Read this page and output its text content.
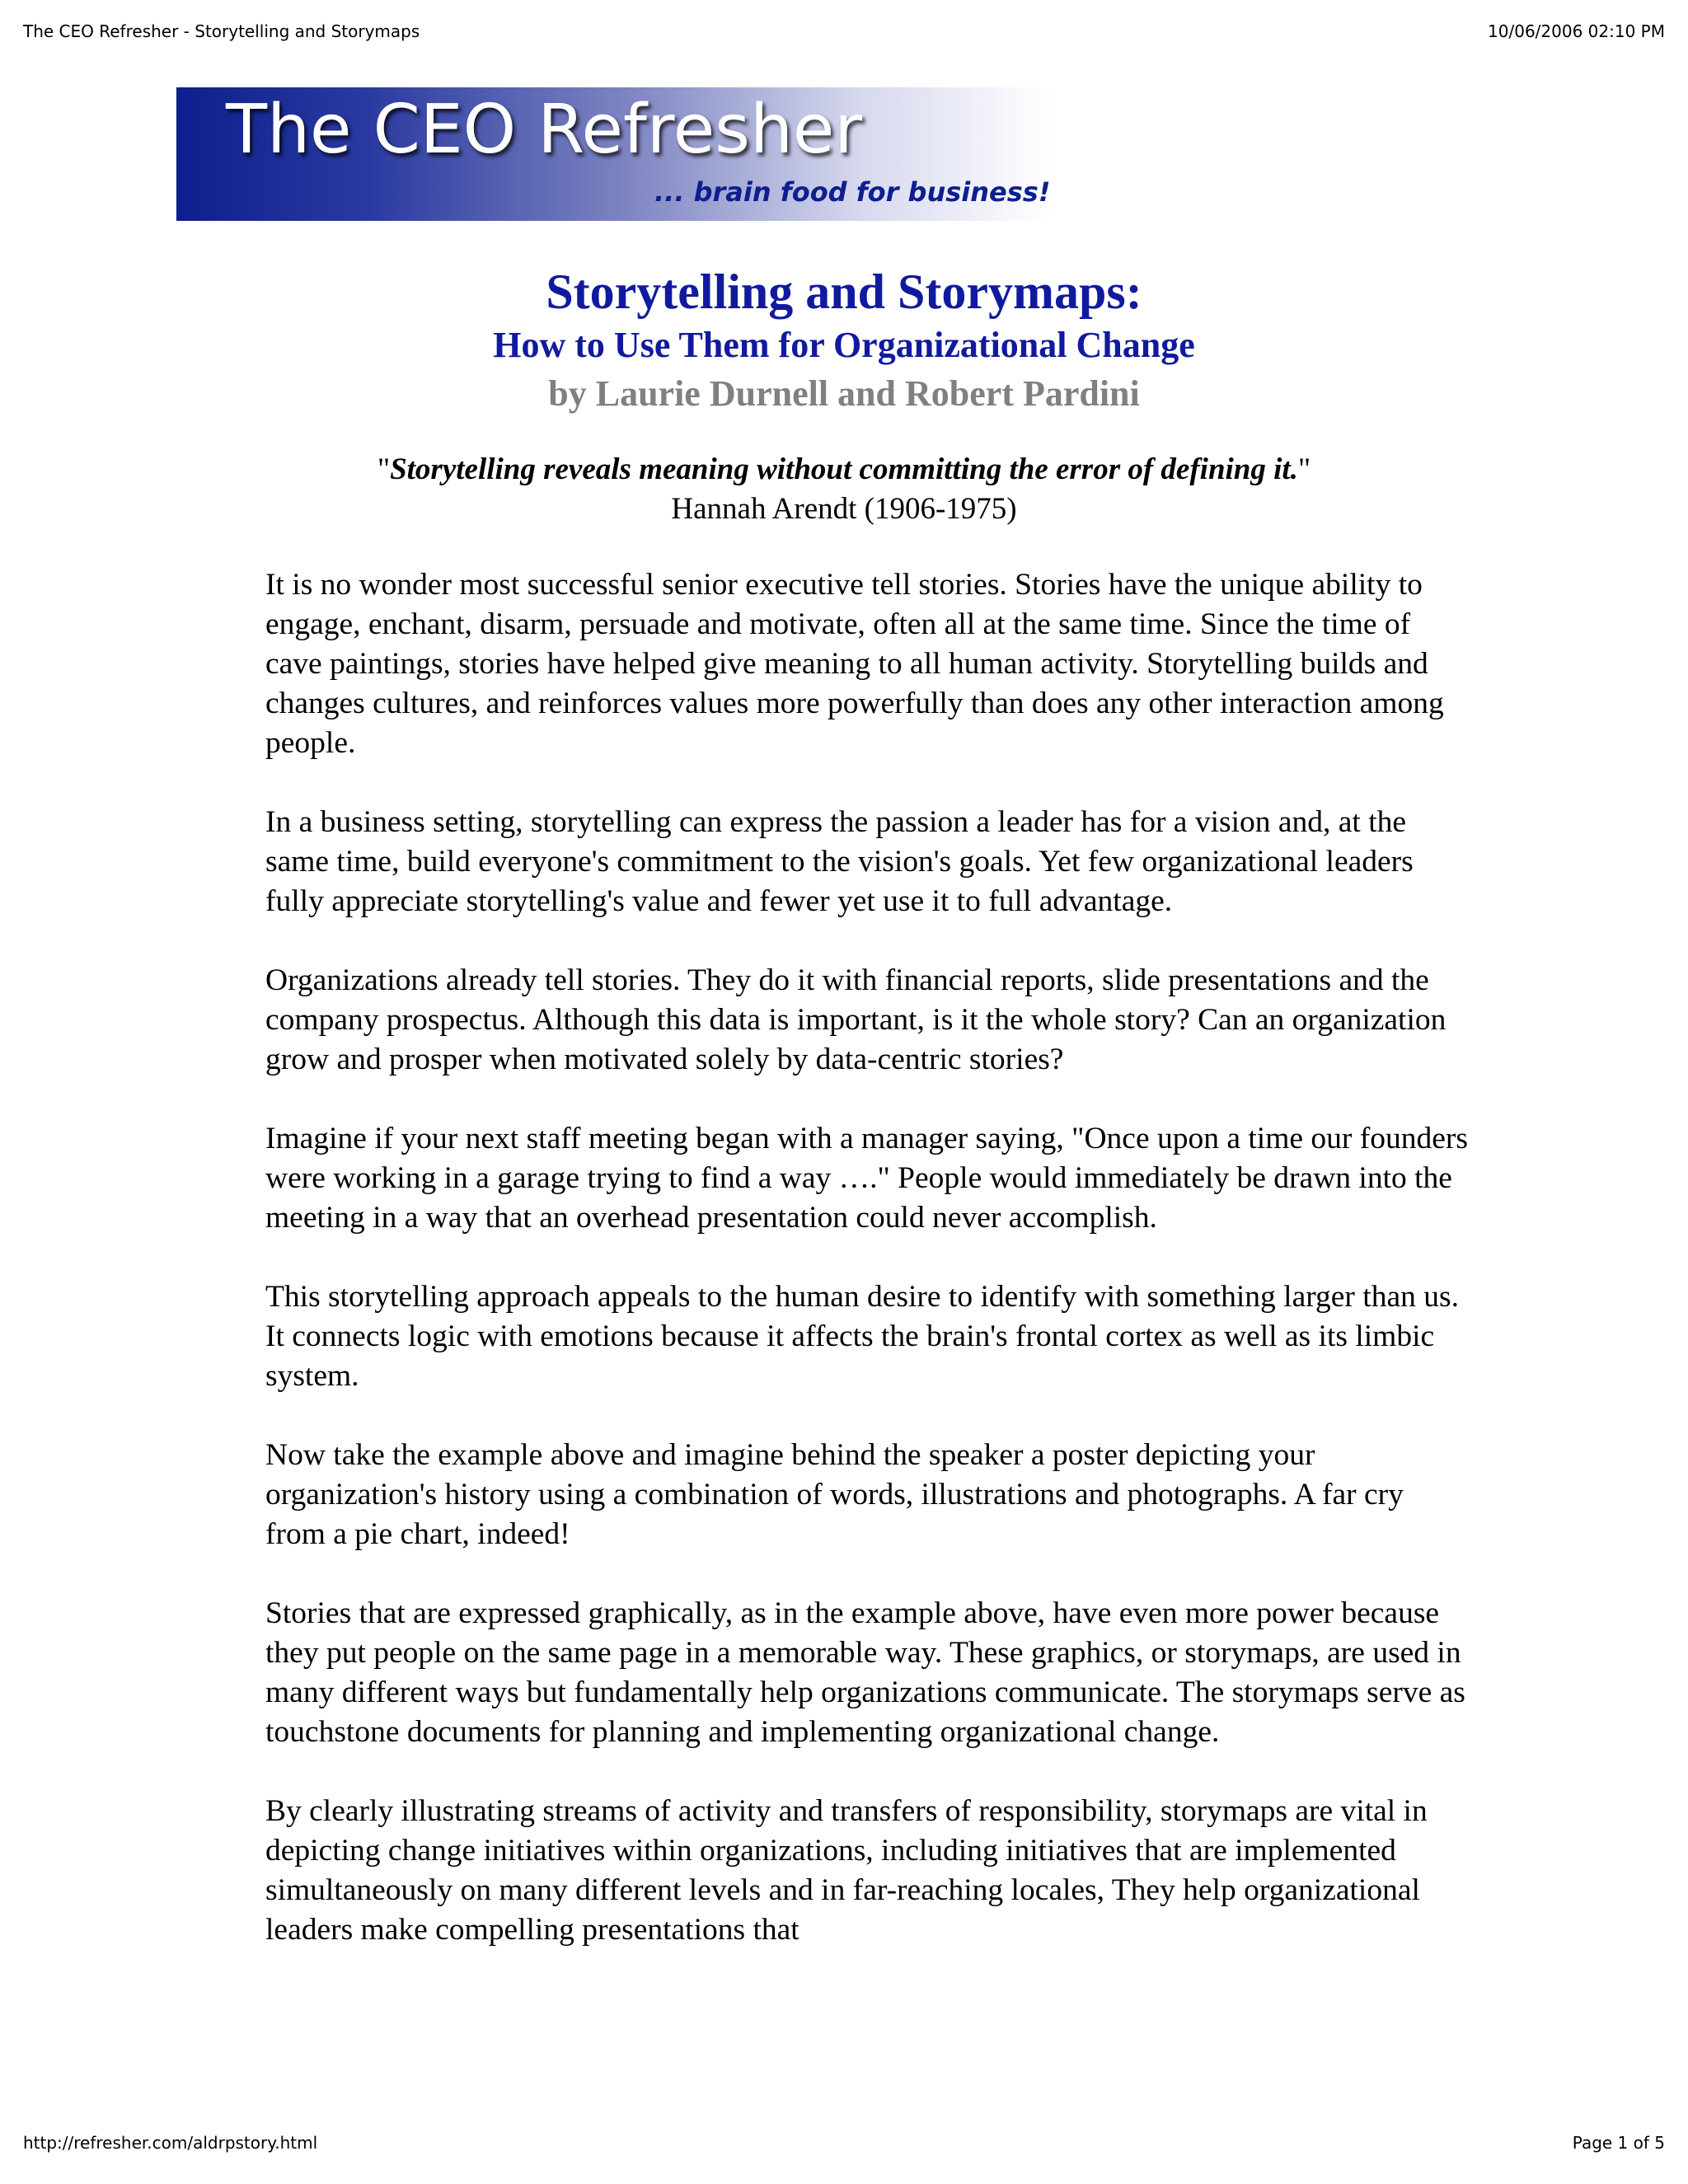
The CEO Refresher - Storytelling and Storymaps	10/06/2006 02:10 PM
The CEO Refresher
... brain food for business!
Storytelling and Storymaps:
How to Use Them for Organizational Change
by Laurie Durnell and Robert Pardini
"Storytelling reveals meaning without committing the error of defining it."
Hannah Arendt (1906-1975)

It is no wonder most successful senior executive tell stories. Stories have the unique ability to engage, enchant, disarm, persuade and motivate, often all at the same time. Since the time of cave paintings, stories have helped give meaning to all human activity. Storytelling builds and changes cultures, and reinforces values more powerfully than does any other interaction among people.

In a business setting, storytelling can express the passion a leader has for a vision and, at the same time, build everyone's commitment to the vision's goals. Yet few organizational leaders fully appreciate storytelling's value and fewer yet use it to full advantage.

Organizations already tell stories. They do it with financial reports, slide presentations and the company prospectus. Although this data is important, is it the whole story? Can an organization grow and prosper when motivated solely by data-centric stories?

Imagine if your next staff meeting began with a manager saying, "Once upon a time our founders were working in a garage trying to find a way …." People would immediately be drawn into the meeting in a way that an overhead presentation could never accomplish.

This storytelling approach appeals to the human desire to identify with something larger than us. It connects logic with emotions because it affects the brain's frontal cortex as well as its limbic system.

Now take the example above and imagine behind the speaker a poster depicting your organization's history using a combination of words, illustrations and photographs. A far cry from a pie chart, indeed!

Stories that are expressed graphically, as in the example above, have even more power because they put people on the same page in a memorable way. These graphics, or storymaps, are used in many different ways but fundamentally help organizations communicate. The storymaps serve as touchstone documents for planning and implementing organizational change.

By clearly illustrating streams of activity and transfers of responsibility, storymaps are vital in depicting change initiatives within organizations, including initiatives that are implemented simultaneously on many different levels and in far-reaching locales, They help organizational leaders make compelling presentations that

http://refresher.com/aldrpstory.html	Page 1 of 5
